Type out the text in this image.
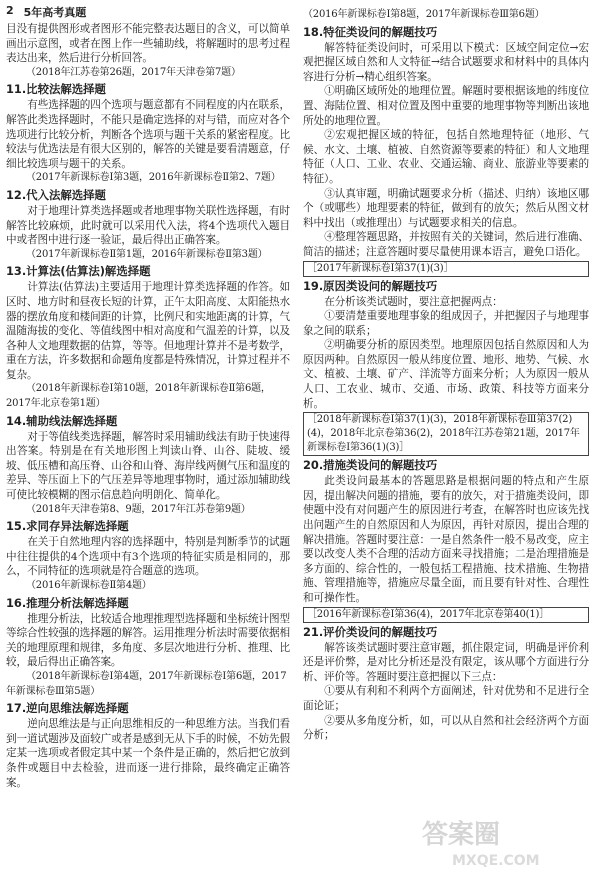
2 5年高考真题
目没有提供图形或者图形不能完整表达题目的含义，可以简单画出示意图，或者在图上作一些辅助线，将解题时的思考过程表达出来，然后进行分析回答。
（2018年江苏卷第26题，2017年天津卷第7题）
11.比较法解选择题
有些选择题的四个选项与题意都有不同程度的内在联系，解答此类选择题时，不能只是确定选择的对与错，而应对各个选项进行比较分析，判断各个选项与题干关系的紧密程度。比较法与优选法是有很大区别的，解答的关键是要看清题意，仔细比较选项与题干的关系。
（2017年新课标卷Ⅰ第3题，2016年新课标卷Ⅱ第2、7题）
12.代入法解选择题
对于地理计算类选择题或者地理事物关联性选择题，有时解答比较麻烦，此时就可以采用代入法，将4个选项代入题目中或者图中进行逐一验证，最后得出正确答案。
（2017年新课标卷Ⅱ第1题，2016年新课标卷Ⅱ第3题）
13.计算法(估算法)解选择题
计算法(估算法)主要适用于地理计算类选择题的作答。如区时、地方时和昼夜长短的计算，正午太阳高度、太阳能热水器的摆放角度和楼间距的计算，比例尺和实地距离的计算，气温随海拔的变化、等值线图中相对高度和气温差的计算，以及各种人文地理数据的估算，等等。但地理计算并不是考数学，重在方法，许多数据和命题角度都是特殊情况，计算过程并不复杂。
（2018年新课标卷Ⅰ第10题，2018年新课标卷Ⅱ第6题，2017年北京卷第1题）
14.辅助线法解选择题
对于等值线类选择题，解答时采用辅助线法有助于快速得出答案。特别是在有关地形图上判读山脊、山谷、陡坡、缓坡、低压槽和高压脊、山谷和山脊、海岸线两侧气压和温度的差异、等压面上下的气压差异等地理事物时，通过添加辅助线可使比较模糊的图示信息趋向明朗化、简单化。
（2018年天津卷第8、9题，2017年江苏卷第9题）
15.求同存异法解选择题
在关于自然地理内容的选择题中，特别是判断季节的试题中往往提供的4个选项中有3个选项的特征实质是相同的，那么，不同特征的选项就是符合题意的选项。
（2016年新课标卷Ⅱ第4题）
16.推理分析法解选择题
推理分析法，比较适合地理推理型选择题和坐标统计图型等综合性较强的选择题的解答。运用推理分析法时需要依据相关的地理原理和规律，多角度、多层次地进行分析、推理、比较，最后得出正确答案。
（2018年新课标卷Ⅰ第4题，2017年新课标卷Ⅰ第6题，2017年新课标卷Ⅲ第5题）
17.逆向思维法解选择题
逆向思维法是与正向思维相反的一种思维方法。当我们看到一道试题涉及面较广或者是感到无从下手的时候，不妨先假定某一选项或者假定其中某一个条件是正确的，然后把它放到条件或题目中去检验，进而逐一进行排除，最终确定正确答案。
（2016年新课标卷Ⅰ第8题，2017年新课标卷Ⅲ第6题）
18.特征类设问的解题技巧
解答特征类设问时，可采用以下模式：区域空间定位→宏观把握区域自然和人文特征→结合试题要求和材料中的具体内容进行分析→精心组织答案。
①明确区域所处的地理位置。解题时要根据该地的纬度位置、海陆位置、相对位置及图中重要的地理事物等判断出该地所处的地理位置。
②宏观把握区域的特征，包括自然地理特征（地形、气候、水文、土壤、植被、自然资源等要素的特征）和人文地理特征（人口、工业、农业、交通运输、商业、旅游业等要素的特征）。
③认真审题，明确试题要求分析（描述、归纳）该地区哪个（或哪些）地理要素的特征，做到有的放矢；然后从图文材料中找出（或推理出）与试题要求相关的信息。
④整理答题思路，并按照有关的关键词，然后进行准确、简洁的描述；注意答题时要尽量使用课本语言，避免口语化。
［2017年新课标卷Ⅰ第37(1)(3)］
19.原因类设问的解题技巧
在分析该类试题时，要注意把握两点：
①要清楚重要地理事象的组成因子，并把握因子与地理事象之间的联系；
②明确要分析的原因类型。地理原因包括自然原因和人为原因两种。自然原因一般从纬度位置、地形、地势、气候、水文、植被、土壤、矿产、洋流等方面来分析；人为原因一般从人口、工农业、城市、交通、市场、政策、科技等方面来分析。
［2018年新课标卷Ⅰ第37(1)(3)，2018年新课标卷Ⅲ第37(2)(4)，2018年北京卷第36(2)，2018年江苏卷第21题，2017年新课标卷Ⅰ第36(1)(3)］
20.措施类设问的解题技巧
此类设问最基本的答题思路是根据问题的特点和产生原因，提出解决问题的措施，要有的放矢，对于措施类设问，即使题中没有对问题产生的原因进行考查，在解答时也应该先找出问题产生的自然原因和人为原因，再针对原因，提出合理的解决措施。答题时要注意：一是自然条件一般不易改变，应主要以改变人类不合理的活动方面来寻找措施；二是治理措施是多方面的、综合性的，一般包括工程措施、技术措施、生物措施、管理措施等，措施应尽量全面，而且要有针对性、合理性和可操作性。
［2016年新课标卷Ⅰ第36(4)，2017年北京卷第40(1)］
21.评价类设问的解题技巧
解答该类试题时要注意审题，抓住限定词，明确是评价利还是评价弊，是对比分析还是没有限定，该从哪个方面进行分析、评价等。答题时要注意把握以下三点：
①要从有利和不利两个方面阐述，针对优势和不足进行全面论证；
②要从多角度分析，如，可以从自然和社会经济两个方面分析；
答案圈
MXQE.COM
